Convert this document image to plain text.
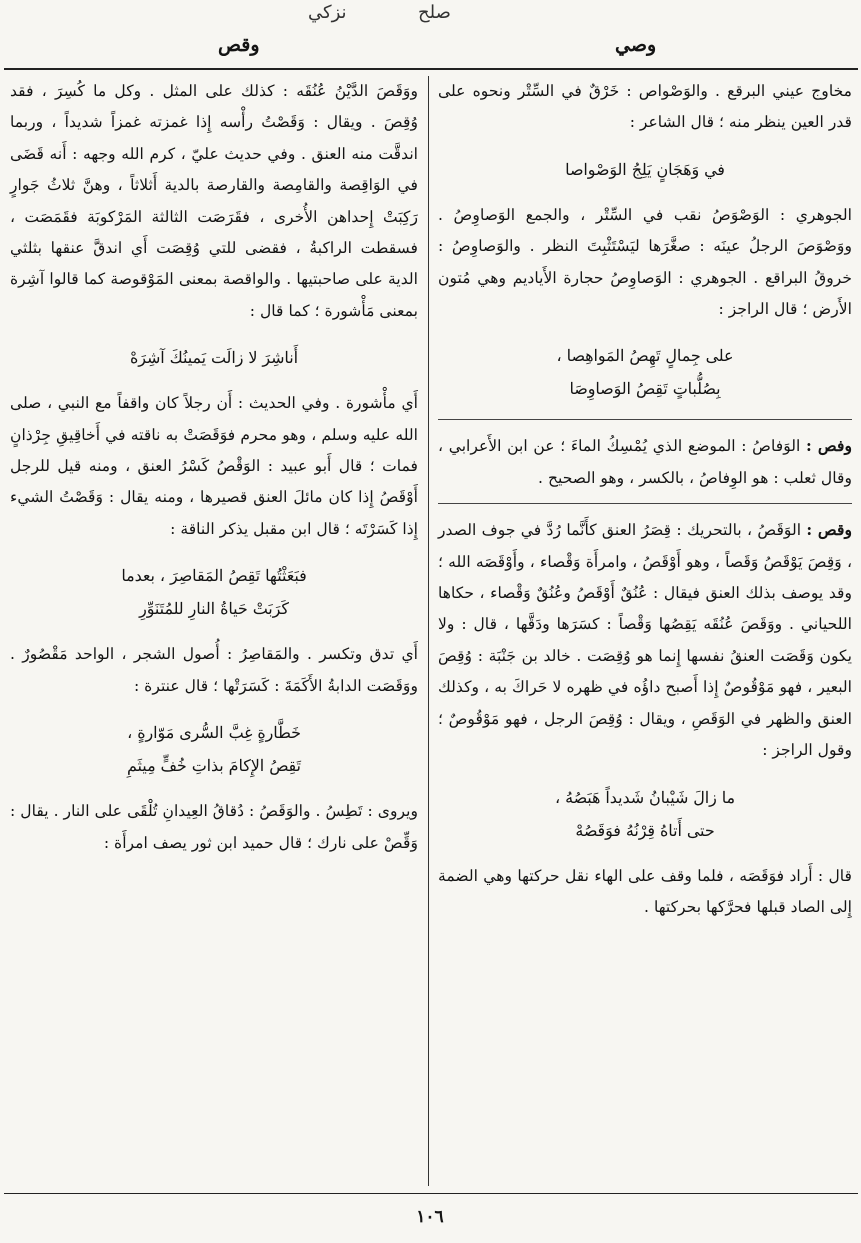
نزكي	صلح
وقص	وصي

مخاوج عيني البرقع . والوَصْواص : خَرْقٌ في السِّتْر ونحوه على قدر العين ينظر منه ؛ قال الشاعر :

في وَهَجَانٍ يَلِجُ الوَصْواصا

الجوهري : الوَصْوَصُ نقب في السِّتْر ، والجمع الوَصاوِصُ . ووَصْوَصَ الرجلُ عينَه : صغَّرَها ليَسْتَثْبِتَ النظر . والوَصاوِصُ : خروقُ البراقع . الجوهري : الوَصاوِصُ حجارة الأَياديم وهي مُتون الأَرض ؛ قال الراجز :

على جِمالٍ تَهِصُ المَواهِصا ،
بِصُلُّباتٍ تَقِصُ الوَصاوِصَا

وفص : الوَفاصُ : الموضع الذي يُمْسِكُ الماءَ ؛ عن ابن الأَعرابي ، وقال ثعلب : هو الوِفاصُ ، بالكسر ، وهو الصحيح .

وقص : الوَقَصُ ، بالتحريك : قِصَرُ العنق كأَنَّما رُدَّ في جوف الصدر ، وَقِصَ يَوْقَصُ وَقَصاً ، وهو أَوْقَصُ ، وامرأَة وَقْصاء ، وأَوْقَصَه الله ؛ وقد يوصف بذلك العنق فيقال : عُنُقٌ أَوْقَصُ وعُنُقٌ وَقْصاء ، حكاها اللحياني . ووَقَصَ عُنُقَه يَقِصُها وَقْصاً : كسَرَها ودَقَّها ، قال : ولا يكون وَقَصَت العنقُ نفسها إِنما هو وُقِصَت . خالد بن جَنْبَة : وُقِصَ البعير ، فهو مَوْقُوصٌ إِذا أَصبح داؤُه في ظهره لا حَراكَ به ، وكذلك العنق والظهر في الوَقَصِ ، ويقال : وُقِصَ الرجل ، فهو مَوْقُوصٌ ؛ وقول الراجز :

ما زالَ شَيْبانُ شَديداً هَبَصُهُ ،
حتى أَتاهُ قِرْنُهُ فوَقَصُهْ

قال : أَراد فوَقَصَه ، فلما وقف على الهاء نقل حركتها وهي الضمة إِلى الصاد قبلها فحرَّكها بحركتها .

ووَقَصَ الدَّيْنُ عُنُقَه : كذلك على المثل . وكل ما كُسِرَ ، فقد وُقِصَ . ويقال : وَقَصْتُ رأْسه إِذا غمزته غمزاً شديداً ، وربما اندقَّت منه العنق . وفي حديث عليّ ، كرم الله وجهه : أَنه قَضَى في الوَاقِصة والقامِصة والقارصة بالدية أَثلاثاً ، وهنَّ ثلاثُ جَوارٍ رَكِبَتْ إِحداهن الأُخرى ، فقَرَصَت الثالثة المَرْكوبَة فقَمَصَت ، فسقطت الراكبةُ ، فقضى للتي وُقِصَت أَي اندقَّ عنقها بثلثي الدية على صاحبتيها . والواقصة بمعنى المَوْقوصة كما قالوا آشِرة بمعنى مَأْشورة ؛ كما قال :

أَناشِرَ لا زالَت يَمينُكَ آشِرَهْ

أَي مأْشورة . وفي الحديث : أَن رجلاً كان واقفاً مع النبي ، صلى الله عليه وسلم ، وهو محرم فوَقَصَتْ به ناقته في أَخاقِيقِ جِرْذانٍ فمات ؛ قال أَبو عبيد : الوَقْصُ كَسْرُ العنق ، ومنه قيل للرجل أَوْقَصُ إِذا كان مائلَ العنق قصيرها ، ومنه يقال : وَقَصْتُ الشيء إِذا كَسَرْتَه ؛ قال ابن مقبل يذكر الناقة :

فبَعَثْتُها تَقِصُ المَقاصِرَ ، بعدما
كَرَبَتْ حَياةُ النارِ للمُتَنَوِّرِ

أَي تدق وتكسر . والمَقاصِرُ : أُصول الشجر ، الواحد مَقْصُورٌ . ووَقَصَت الدابةُ الأَكَمَةَ : كَسَرَتْها ؛ قال عنترة :

خَطَّارةٍ غِبَّ السُّرى مَوّارةٍ ،
تَقِصُ الإِكامَ بذاتِ خُفٍّ مِيثَمِ

ويروى : تَطِسُ . والوَقَصُ : دُقاقُ العِيدانِ تُلْقَى على النار . يقال : وَقِّصْ على نارك ؛ قال حميد ابن ثور يصف امرأَة :

١٠٦
